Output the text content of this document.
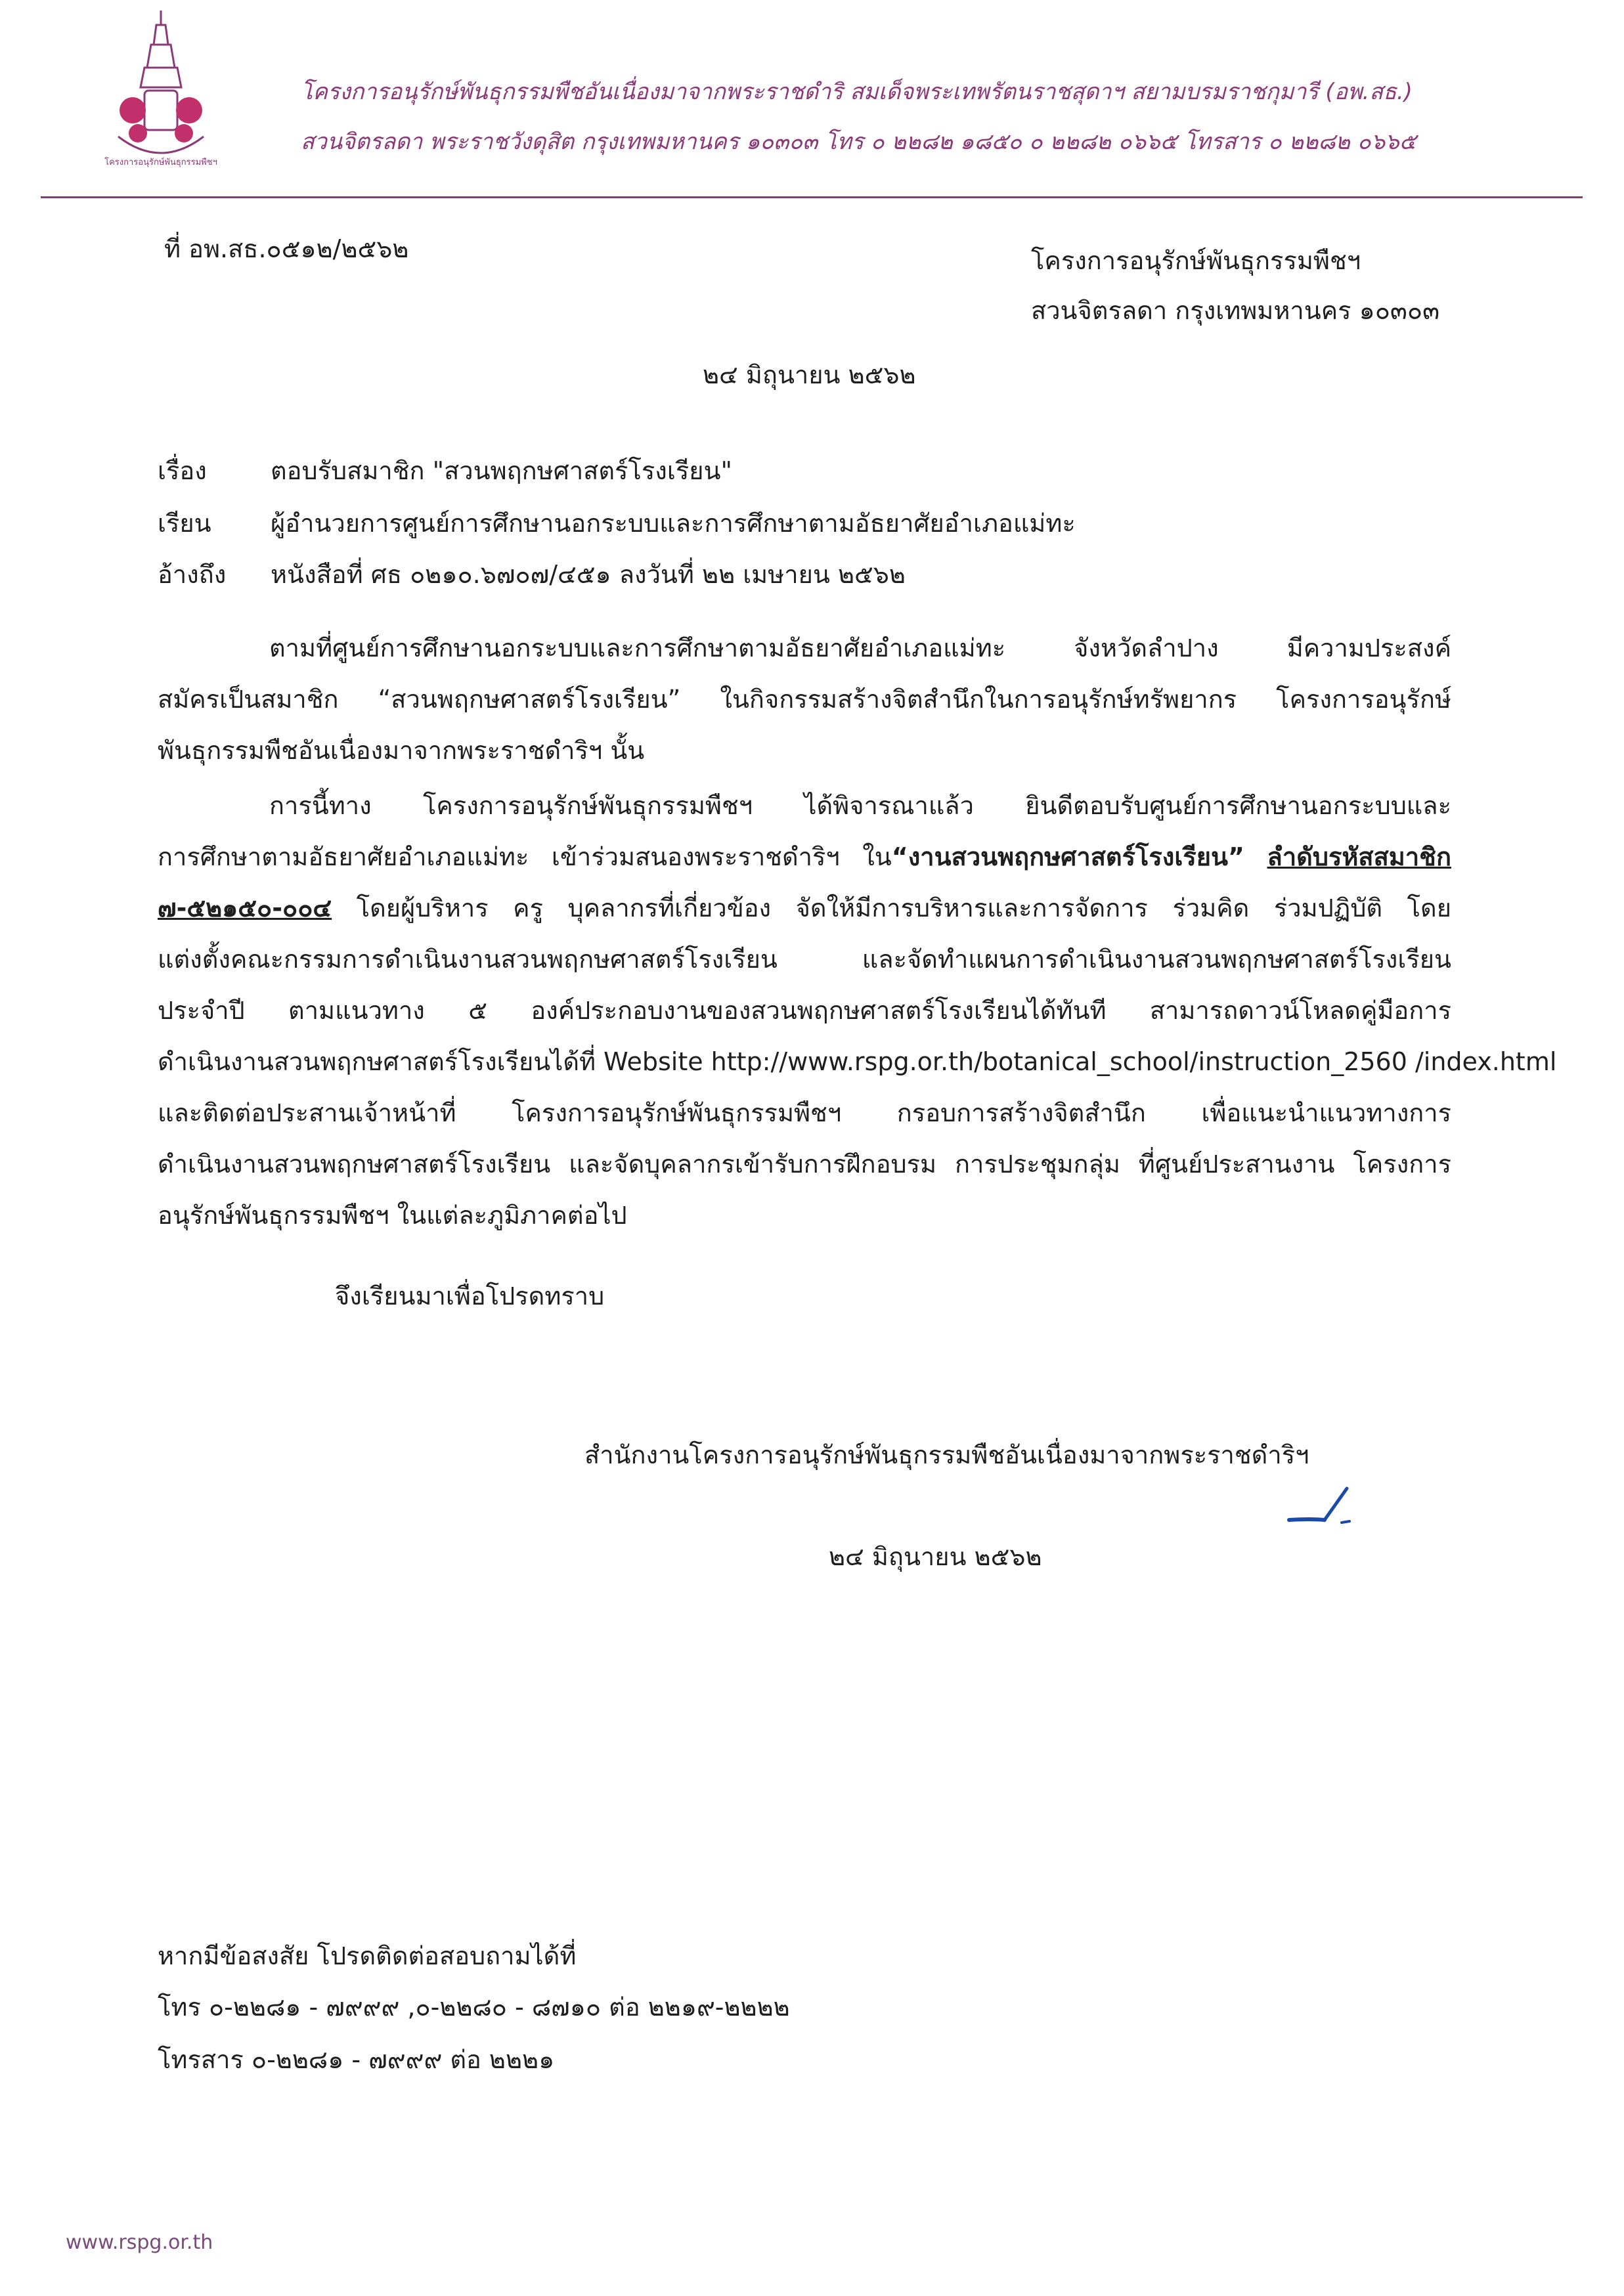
โครงการอนุรักษ์พันธุกรรมพืชฯ
โครงการอนุรักษ์พันธุกรรมพืชอันเนื่องมาจากพระราชดำริ สมเด็จพระเทพรัตนราชสุดาฯ สยามบรมราชกุมารี (อพ.สธ.)
สวนจิตรลดา พระราชวังดุสิต กรุงเทพมหานคร ๑๐๓๐๓ โทร ๐ ๒๒๘๒ ๑๘๕๐ ๐ ๒๒๘๒ ๐๖๖๕ โทรสาร ๐ ๒๒๘๒ ๐๖๖๕
ที่ อพ.สธ.๐๕๑๒/๒๕๖๒	โครงการอนุรักษ์พันธุกรรมพืชฯ
สวนจิตรลดา กรุงเทพมหานคร ๑๐๓๐๓
๒๔ มิถุนายน ๒๕๖๒
เรื่อง	ตอบรับสมาชิก "สวนพฤกษศาสตร์โรงเรียน"
เรียน ผู้อำนวยการศูนย์การศึกษานอกระบบและการศึกษาตามอัธยาศัยอำเภอแม่ทะ
อ้างถึง หนังสือที่ ศธ ๐๒๑๐.๖๗๐๗/๔๕๑ ลงวันที่ ๒๒ เมษายน ๒๕๖๒
ตามที่ศูนย์การศึกษานอกระบบและการศึกษาตามอัธยาศัยอำเภอแม่ทะ จังหวัดลำปาง มีความประสงค์
สมัครเป็นสมาชิก “สวนพฤกษศาสตร์โรงเรียน” ในกิจกรรมสร้างจิตสำนึกในการอนุรักษ์ทรัพยากร โครงการอนุรักษ์
พันธุกรรมพืชอันเนื่องมาจากพระราชดำริฯ นั้น
การนี้ทาง โครงการอนุรักษ์พันธุกรรมพืชฯ ได้พิจารณาแล้ว ยินดีตอบรับศูนย์การศึกษานอกระบบและ
การศึกษาตามอัธยาศัยอำเภอแม่ทะ เข้าร่วมสนองพระราชดำริฯ ใน“งานสวนพฤกษศาสตร์โรงเรียน” ลำดับรหัสสมาชิก
๗-๕๒๑๕๐-๐๐๔ โดยผู้บริหาร ครู บุคลากรที่เกี่ยวข้อง จัดให้มีการบริหารและการจัดการ ร่วมคิด ร่วมปฏิบัติ โดย
แต่งตั้งคณะกรรมการดำเนินงานสวนพฤกษศาสตร์โรงเรียน และจัดทำแผนการดำเนินงานสวนพฤกษศาสตร์โรงเรียน
ประจำปี ตามแนวทาง ๕ องค์ประกอบงานของสวนพฤกษศาสตร์โรงเรียนได้ทันที สามารถดาวน์โหลดคู่มือการ
ดำเนินงานสวนพฤกษศาสตร์โรงเรียนได้ที่ Website http://www.rspg.or.th/botanical_school/instruction_2560 /index.html
และติดต่อประสานเจ้าหน้าที่ โครงการอนุรักษ์พันธุกรรมพืชฯ กรอบการสร้างจิตสำนึก เพื่อแนะนำแนวทางการ
ดำเนินงานสวนพฤกษศาสตร์โรงเรียน และจัดบุคลากรเข้ารับการฝึกอบรม การประชุมกลุ่ม ที่ศูนย์ประสานงาน โครงการ
อนุรักษ์พันธุกรรมพืชฯ ในแต่ละภูมิภาคต่อไป
จึงเรียนมาเพื่อโปรดทราบ
สำนักงานโครงการอนุรักษ์พันธุกรรมพืชอันเนื่องมาจากพระราชดำริฯ
๒๔ มิถุนายน ๒๕๖๒
หากมีข้อสงสัย โปรดติดต่อสอบถามได้ที่
โทร ๐-๒๒๘๑ - ๗๙๙๙ ,๐-๒๒๘๐ - ๘๗๑๐ ต่อ ๒๒๑๙-๒๒๒๒
โทรสาร ๐-๒๒๘๑ - ๗๙๙๙ ต่อ ๒๒๒๑
www.rspg.or.th
